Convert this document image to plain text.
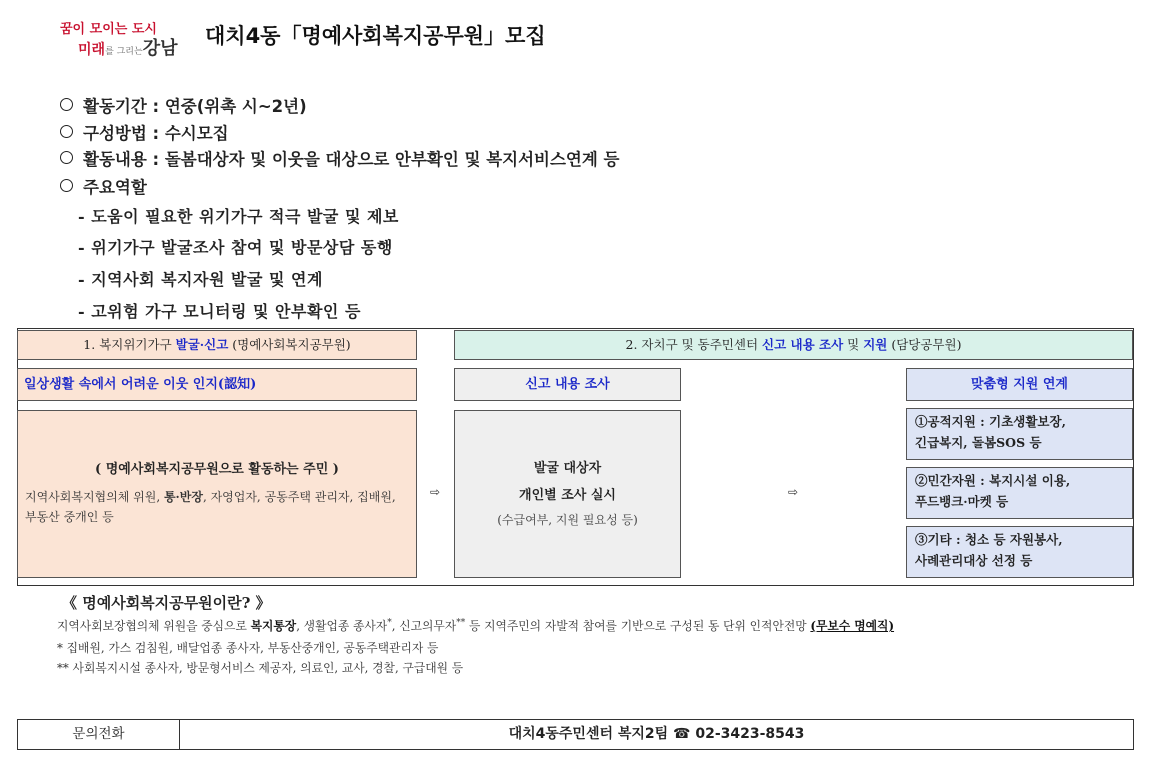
꿈이 모이는 도시
미래를 그리는강남
대치4동「명예사회복지공무원」모집
활동기간 : 연중(위촉 시~2년)
구성방법 : 수시모집
활동내용 : 돌봄대상자 및 이웃을 대상으로 안부확인 및 복지서비스연계 등
주요역할
- 도움이 필요한 위기가구 적극 발굴 및 제보
- 위기가구 발굴조사 참여 및 방문상담 동행
- 지역사회 복지자원 발굴 및 연계
- 고위험 가구 모니터링 및 안부확인 등
1. 복지위기가구 발굴·신고 (명예사회복지공무원)	2. 자치구 및 동주민센터 신고 내용 조사 및 지원 (담당공무원)
일상생활 속에서 어려운 이웃 인지(認知)	신고 내용 조사	맞춤형 지원 연계
( 명예사회복지공무원으로 활동하는 주민 )
지역사회복지협의체 위원, 통·반장, 자영업자, 공동주택 관리자, 집배원, 부동산 중개인 등
⇨
발굴 대상자
개인별 조사 실시
(수급여부, 지원 필요성 등)
⇨
①공적지원 : 기초생활보장,
긴급복지, 돌봄SOS 등
②민간자원 : 복지시설 이용,
푸드뱅크·마켓 등
③기타 : 청소 등 자원봉사,
사례관리대상 선정 등
《 명예사회복지공무원이란? 》
지역사회보장협의체 위원을 중심으로 복지통장, 생활업종 종사자*, 신고의무자** 등 지역주민의 자발적 참여를 기반으로 구성된 동 단위 인적안전망 (무보수 명예직)
* 집배원, 가스 검침원, 배달업종 종사자, 부동산중개인, 공동주택관리자 등
** 사회복지시설 종사자, 방문형서비스 제공자, 의료인, 교사, 경찰, 구급대원 등
문의전화	대치4동주민센터 복지2팀 ☎ 02-3423-8543
